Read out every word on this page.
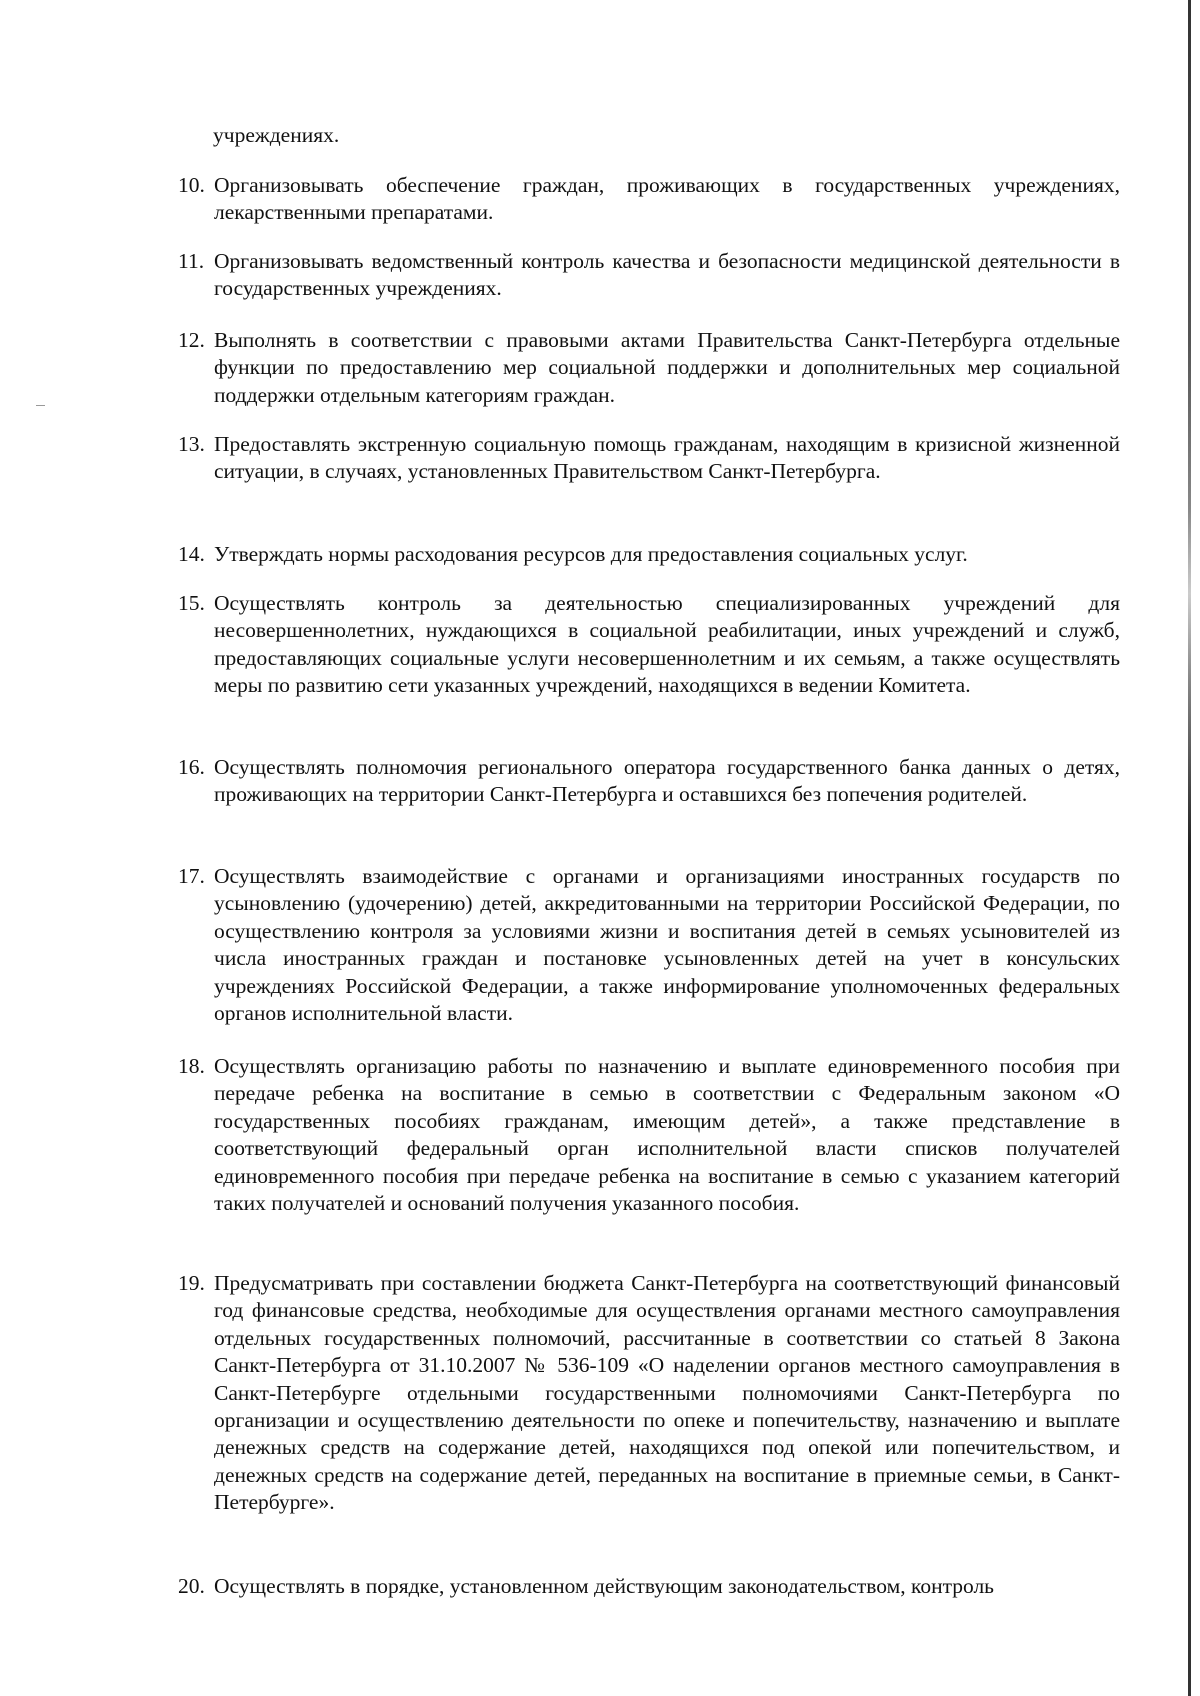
учреждениях.
10. Организовывать обеспечение граждан, проживающих в государственных учреждениях, лекарственными препаратами.
11. Организовывать ведомственный контроль качества и безопасности медицинской деятельности в государственных учреждениях.
12. Выполнять в соответствии с правовыми актами Правительства Санкт-Петербурга отдельные функции по предоставлению мер социальной поддержки и дополнительных мер социальной поддержки отдельным категориям граждан.
13. Предоставлять экстренную социальную помощь гражданам, находящим в кризисной жизненной ситуации, в случаях, установленных Правительством Санкт-Петербурга.
14. Утверждать нормы расходования ресурсов для предоставления социальных услуг.
15. Осуществлять контроль за деятельностью специализированных учреждений для несовершеннолетних, нуждающихся в социальной реабилитации, иных учреждений и служб, предоставляющих социальные услуги несовершеннолетним и их семьям, а также осуществлять меры по развитию сети указанных учреждений, находящихся в ведении Комитета.
16. Осуществлять полномочия регионального оператора государственного банка данных о детях, проживающих на территории Санкт-Петербурга и оставшихся без попечения родителей.
17. Осуществлять взаимодействие с органами и организациями иностранных государств по усыновлению (удочерению) детей, аккредитованными на территории Российской Федерации, по осуществлению контроля за условиями жизни и воспитания детей в семьях усыновителей из числа иностранных граждан и постановке усыновленных детей на учет в консульских учреждениях Российской Федерации, а также информирование уполномоченных федеральных органов исполнительной власти.
18. Осуществлять организацию работы по назначению и выплате единовременного пособия при передаче ребенка на воспитание в семью в соответствии с Федеральным законом «О государственных пособиях гражданам, имеющим детей», а также представление в соответствующий федеральный орган исполнительной власти списков получателей единовременного пособия при передаче ребенка на воспитание в семью с указанием категорий таких получателей и оснований получения указанного пособия.
19. Предусматривать при составлении бюджета Санкт-Петербурга на соответствующий финансовый год финансовые средства, необходимые для осуществления органами местного самоуправления отдельных государственных полномочий, рассчитанные в соответствии со статьей 8 Закона Санкт-Петербурга от 31.10.2007 № 536-109 «О наделении органов местного самоуправления в Санкт-Петербурге отдельными государственными полномочиями Санкт-Петербурга по организации и осуществлению деятельности по опеке и попечительству, назначению и выплате денежных средств на содержание детей, находящихся под опекой или попечительством, и денежных средств на содержание детей, переданных на воспитание в приемные семьи, в Санкт-Петербурге».
20. Осуществлять в порядке, установленном действующим законодательством, контроль
